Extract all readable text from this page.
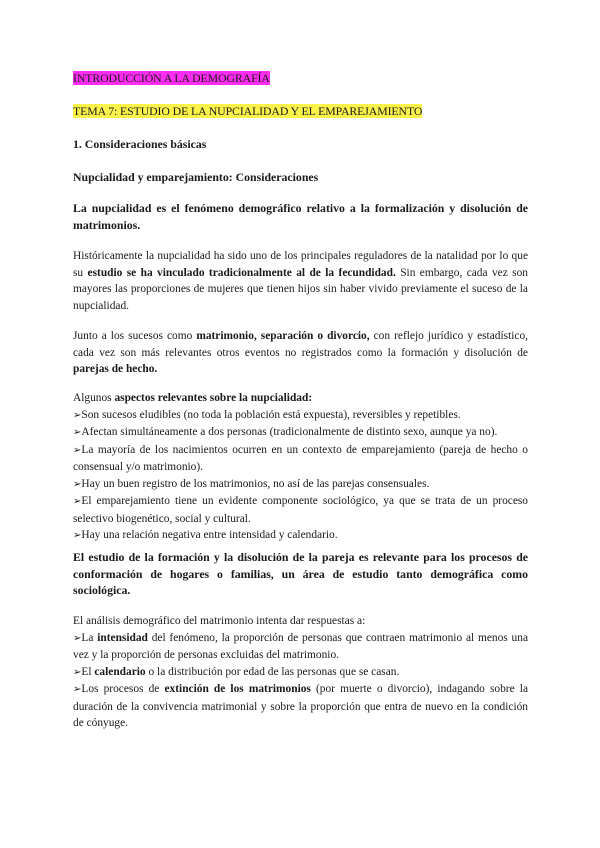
INTRODUCCIÓN A LA DEMOGRAFÍA

TEMA 7: ESTUDIO DE LA NUPCIALIDAD Y EL EMPAREJAMIENTO

1. Consideraciones básicas

Nupcialidad y emparejamiento: Consideraciones

La nupcialidad es el fenómeno demográfico relativo a la formalización y disolución de matrimonios.

Históricamente la nupcialidad ha sido uno de los principales reguladores de la natalidad por lo que su estudio se ha vinculado tradicionalmente al de la fecundidad. Sin embargo, cada vez son mayores las proporciones de mujeres que tienen hijos sin haber vivido previamente el suceso de la nupcialidad.

Junto a los sucesos como matrimonio, separación o divorcio, con reflejo jurídico y estadístico, cada vez son más relevantes otros eventos no registrados como la formación y disolución de parejas de hecho.

Algunos aspectos relevantes sobre la nupcialidad:
➢Son sucesos eludibles (no toda la población está expuesta), reversibles y repetibles.
➢Afectan simultáneamente a dos personas (tradicionalmente de distinto sexo, aunque ya no).
➢La mayoría de los nacimientos ocurren en un contexto de emparejamiento (pareja de hecho o consensual y/o matrimonio).
➢Hay un buen registro de los matrimonios, no así de las parejas consensuales.
➢El emparejamiento tiene un evidente componente sociológico, ya que se trata de un proceso selectivo biogenético, social y cultural.
➢Hay una relación negativa entre intensidad y calendario.

El estudio de la formación y la disolución de la pareja es relevante para los procesos de conformación de hogares o familias, un área de estudio tanto demográfica como sociológica.

El análisis demográfico del matrimonio intenta dar respuestas a:
➢La intensidad del fenómeno, la proporción de personas que contraen matrimonio al menos una vez y la proporción de personas excluidas del matrimonio.
➢El calendario o la distribución por edad de las personas que se casan.
➢Los procesos de extinción de los matrimonios (por muerte o divorcio), indagando sobre la duración de la convivencia matrimonial y sobre la proporción que entra de nuevo en la condición de cónyuge.
